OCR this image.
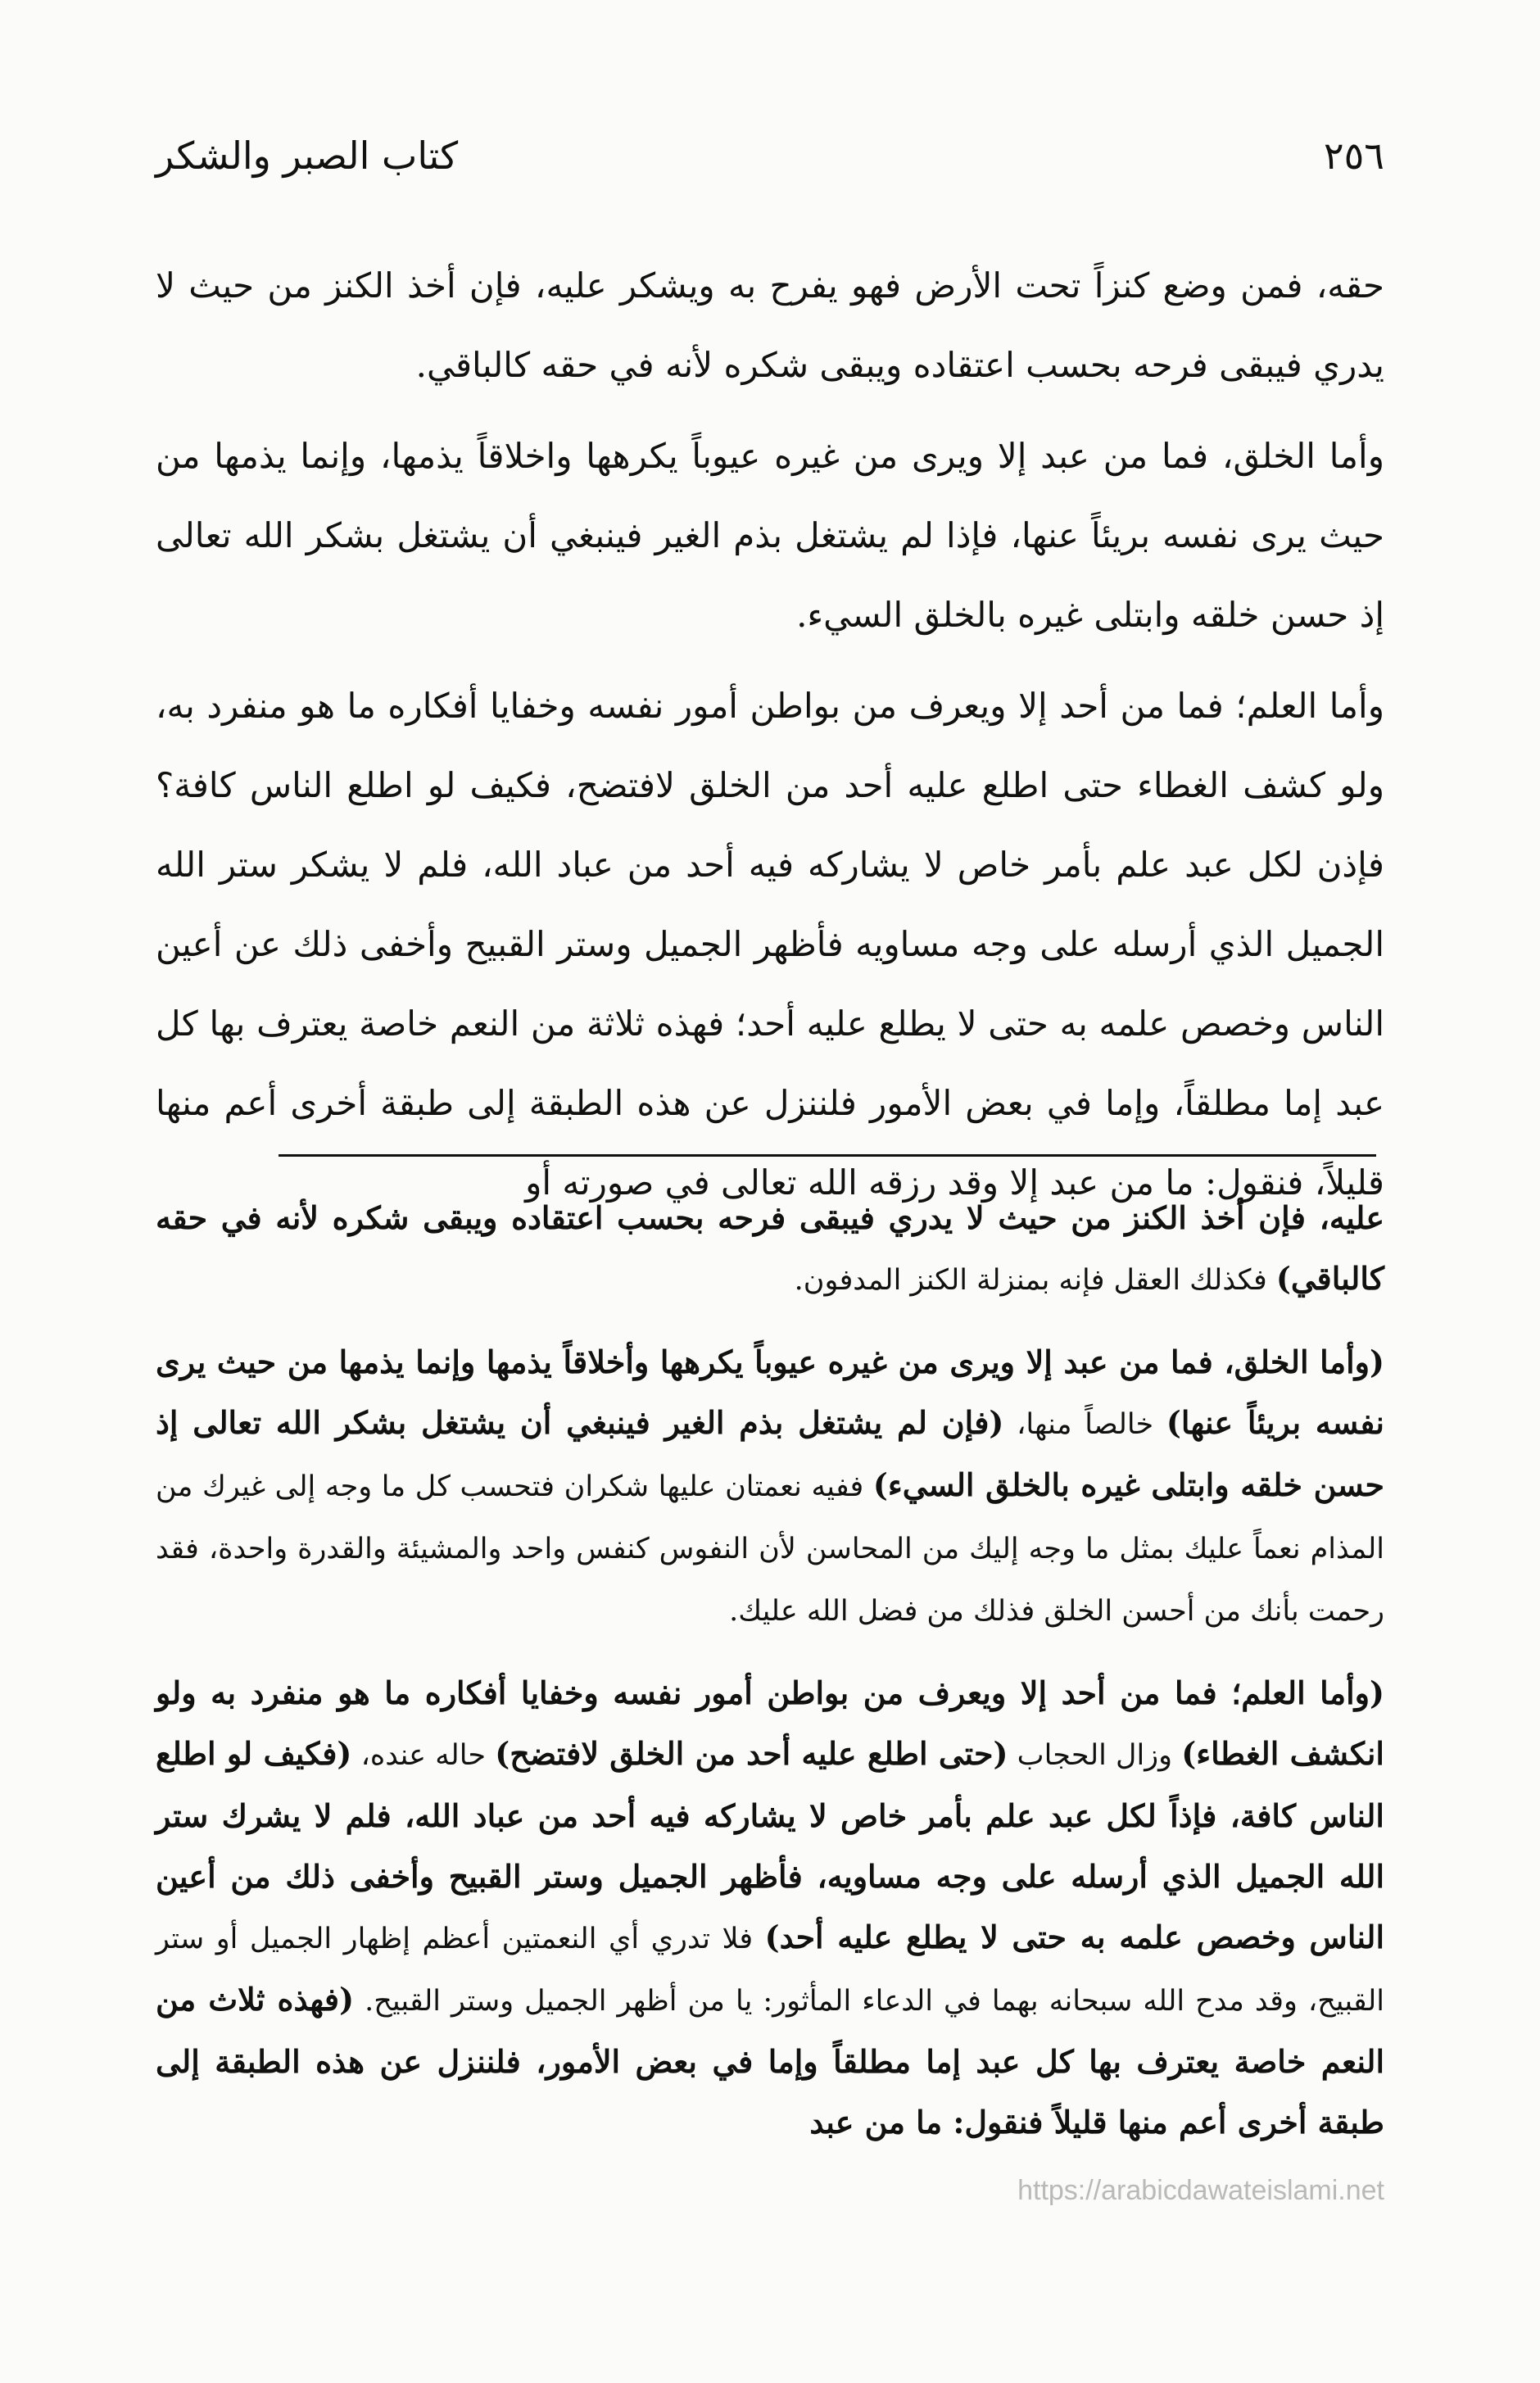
٢٥٦
كتاب الصبر والشكر

حقه، فمن وضع كنزاً تحت الأرض فهو يفرح به ويشكر عليه، فإن أخذ الكنز من حيث لا يدري فيبقى فرحه بحسب اعتقاده ويبقى شكره لأنه في حقه كالباقي.

وأما الخلق، فما من عبد إلا ويرى من غيره عيوباً يكرهها واخلاقاً يذمها، وإنما يذمها من حيث يرى نفسه بريئاً عنها، فإذا لم يشتغل بذم الغير فينبغي أن يشتغل بشكر الله تعالى إذ حسن خلقه وابتلى غيره بالخلق السيء.

وأما العلم؛ فما من أحد إلا ويعرف من بواطن أمور نفسه وخفايا أفكاره ما هو منفرد به، ولو كشف الغطاء حتى اطلع عليه أحد من الخلق لافتضح، فكيف لو اطلع الناس كافة؟ فإذن لكل عبد علم بأمر خاص لا يشاركه فيه أحد من عباد الله، فلم لا يشكر ستر الله الجميل الذي أرسله على وجه مساويه فأظهر الجميل وستر القبيح وأخفى ذلك عن أعين الناس وخصص علمه به حتى لا يطلع عليه أحد؛ فهذه ثلاثة من النعم خاصة يعترف بها كل عبد إما مطلقاً، وإما في بعض الأمور فلننزل عن هذه الطبقة إلى طبقة أخرى أعم منها قليلاً، فنقول: ما من عبد إلا وقد رزقه الله تعالى في صورته أو

عليه، فإن أخذ الكنز من حيث لا يدري فيبقى فرحه بحسب اعتقاده ويبقى شكره لأنه في حقه كالباقي) فكذلك العقل فإنه بمنزلة الكنز المدفون.

(وأما الخلق، فما من عبد إلا ويرى من غيره عيوباً يكرهها وأخلاقاً يذمها وإنما يذمها من حيث يرى نفسه بريئاً عنها) خالصاً منها، (فإن لم يشتغل بذم الغير فينبغي أن يشتغل بشكر الله تعالى إذ حسن خلقه وابتلى غيره بالخلق السيء) ففيه نعمتان عليها شكران فتحسب كل ما وجه إلى غيرك من المذام نعماً عليك بمثل ما وجه إليك من المحاسن لأن النفوس كنفس واحد والمشيئة والقدرة واحدة، فقد رحمت بأنك من أحسن الخلق فذلك من فضل الله عليك.

(وأما العلم؛ فما من أحد إلا ويعرف من بواطن أمور نفسه وخفايا أفكاره ما هو منفرد به ولو انكشف الغطاء) وزال الحجاب (حتى اطلع عليه أحد من الخلق لافتضح) حاله عنده، (فكيف لو اطلع الناس كافة، فإذاً لكل عبد علم بأمر خاص لا يشاركه فيه أحد من عباد الله، فلم لا يشرك ستر الله الجميل الذي أرسله على وجه مساويه، فأظهر الجميل وستر القبيح وأخفى ذلك من أعين الناس وخصص علمه به حتى لا يطلع عليه أحد) فلا تدري أي النعمتين أعظم إظهار الجميل أو ستر القبيح، وقد مدح الله سبحانه بهما في الدعاء المأثور: يا من أظهر الجميل وستر القبيح. (فهذه ثلاث من النعم خاصة يعترف بها كل عبد إما مطلقاً وإما في بعض الأمور، فلننزل عن هذه الطبقة إلى طبقة أخرى أعم منها قليلاً فنقول: ما من عبد

https://arabicdawateislami.net
